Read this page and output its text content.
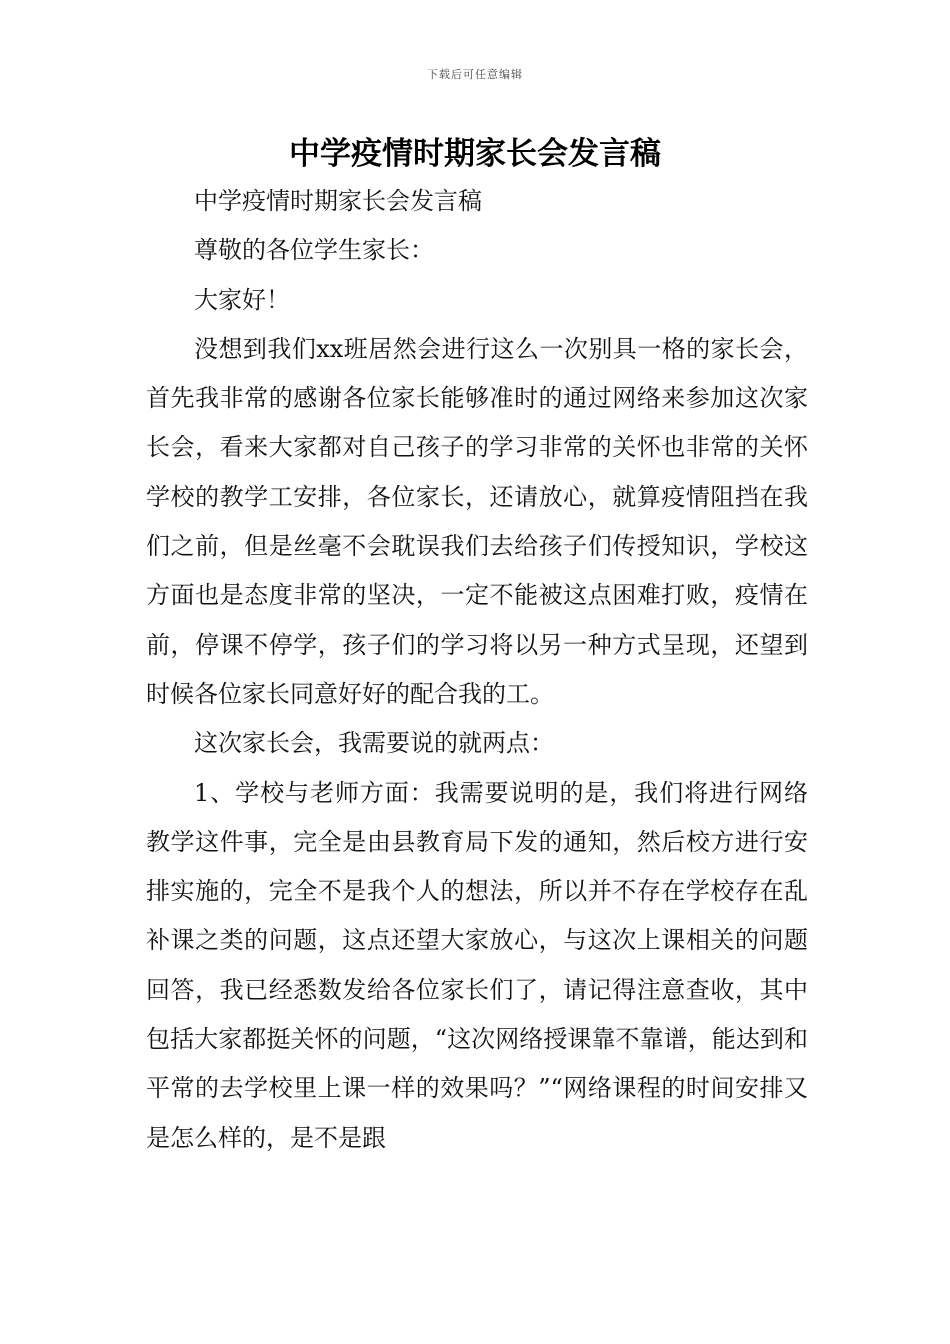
下载后可任意编辑
中学疫情时期家长会发言稿

中学疫情时期家长会发言稿

尊敬的各位学生家长：

大家好！

没想到我们xx班居然会进行这么一次别具一格的家长会，首先我非常的感谢各位家长能够准时的通过网络来参加这次家长会，看来大家都对自己孩子的学习非常的关怀也非常的关怀学校的教学工安排，各位家长，还请放心，就算疫情阻挡在我们之前，但是丝毫不会耽误我们去给孩子们传授知识，学校这方面也是态度非常的坚决，一定不能被这点困难打败，疫情在前，停课不停学，孩子们的学习将以另一种方式呈现，还望到时候各位家长同意好好的配合我的工。

这次家长会，我需要说的就两点：

1、学校与老师方面：我需要说明的是，我们将进行网络教学这件事，完全是由县教育局下发的通知，然后校方进行安排实施的，完全不是我个人的想法，所以并不存在学校存在乱补课之类的问题，这点还望大家放心，与这次上课相关的问题回答，我已经悉数发给各位家长们了，请记得注意查收，其中包括大家都挺关怀的问题，“这次网络授课靠不靠谱，能达到和平常的去学校里上课一样的效果吗？”“网络课程的时间安排又是怎么样的，是不是跟
